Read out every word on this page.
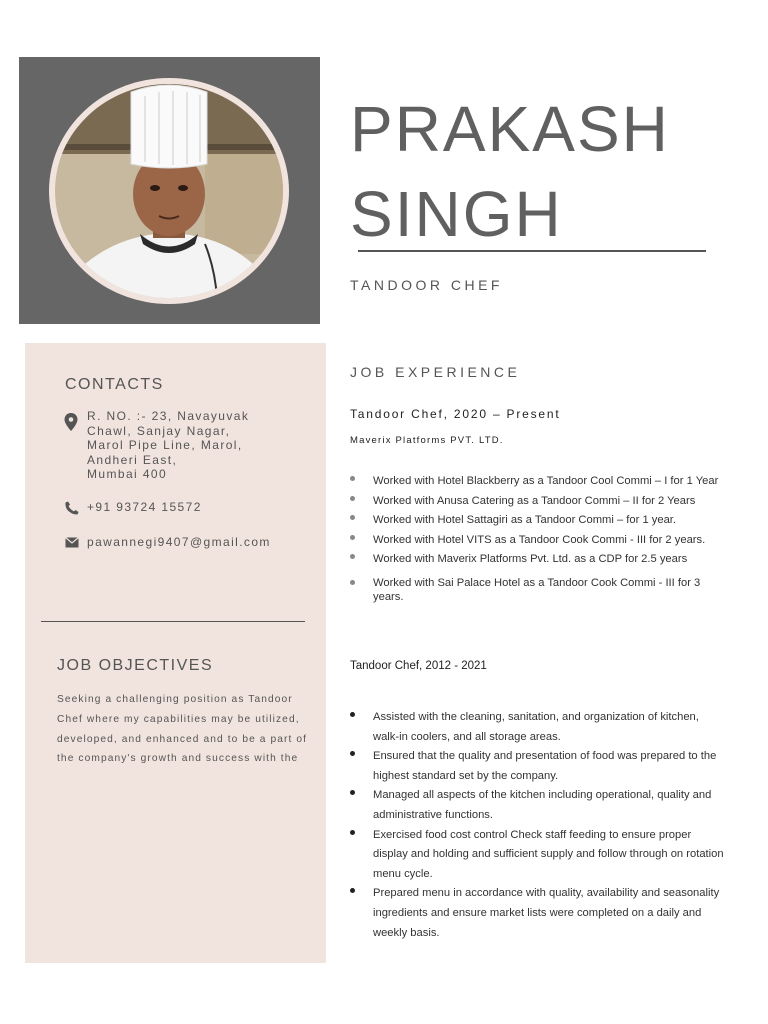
PRAKASH
SINGH
TANDOOR CHEF
CONTACTS
R. NO. :- 23, Navayuvak
Chawl, Sanjay Nagar,
Marol Pipe Line, Marol,
Andheri East,
Mumbai 400
+91 93724 15572
pawannegi9407@gmail.com
JOB OBJECTIVES
Seeking a challenging position as Tandoor
Chef where my capabilities may be utilized,
developed, and enhanced and to be a part of
the company's growth and success with the
JOB EXPERIENCE
Tandoor Chef, 2020 – Present
Maverix Platforms PVT. LTD.
Worked with Hotel Blackberry as a Tandoor Cool Commi – I for 1 Year
Worked with Anusa Catering as a Tandoor Commi – II for 2 Years
Worked with Hotel Sattagiri as a Tandoor Commi – for 1 year.
Worked with Hotel VITS as a Tandoor Cook Commi - III for 2 years.
Worked with Maverix Platforms Pvt. Ltd. as a CDP for 2.5 years
Worked with Sai Palace Hotel as a Tandoor Cook Commi - III for 3 years.
Tandoor Chef, 2012 - 2021
Assisted with the cleaning, sanitation, and organization of kitchen, walk-in coolers, and all storage areas.
Ensured that the quality and presentation of food was prepared to the highest standard set by the company.
Managed all aspects of the kitchen including operational, quality and administrative functions.
Exercised food cost control Check staff feeding to ensure proper display and holding and sufficient supply and follow through on rotation menu cycle.
Prepared menu in accordance with quality, availability and seasonality ingredients and ensure market lists were completed on a daily and weekly basis.
